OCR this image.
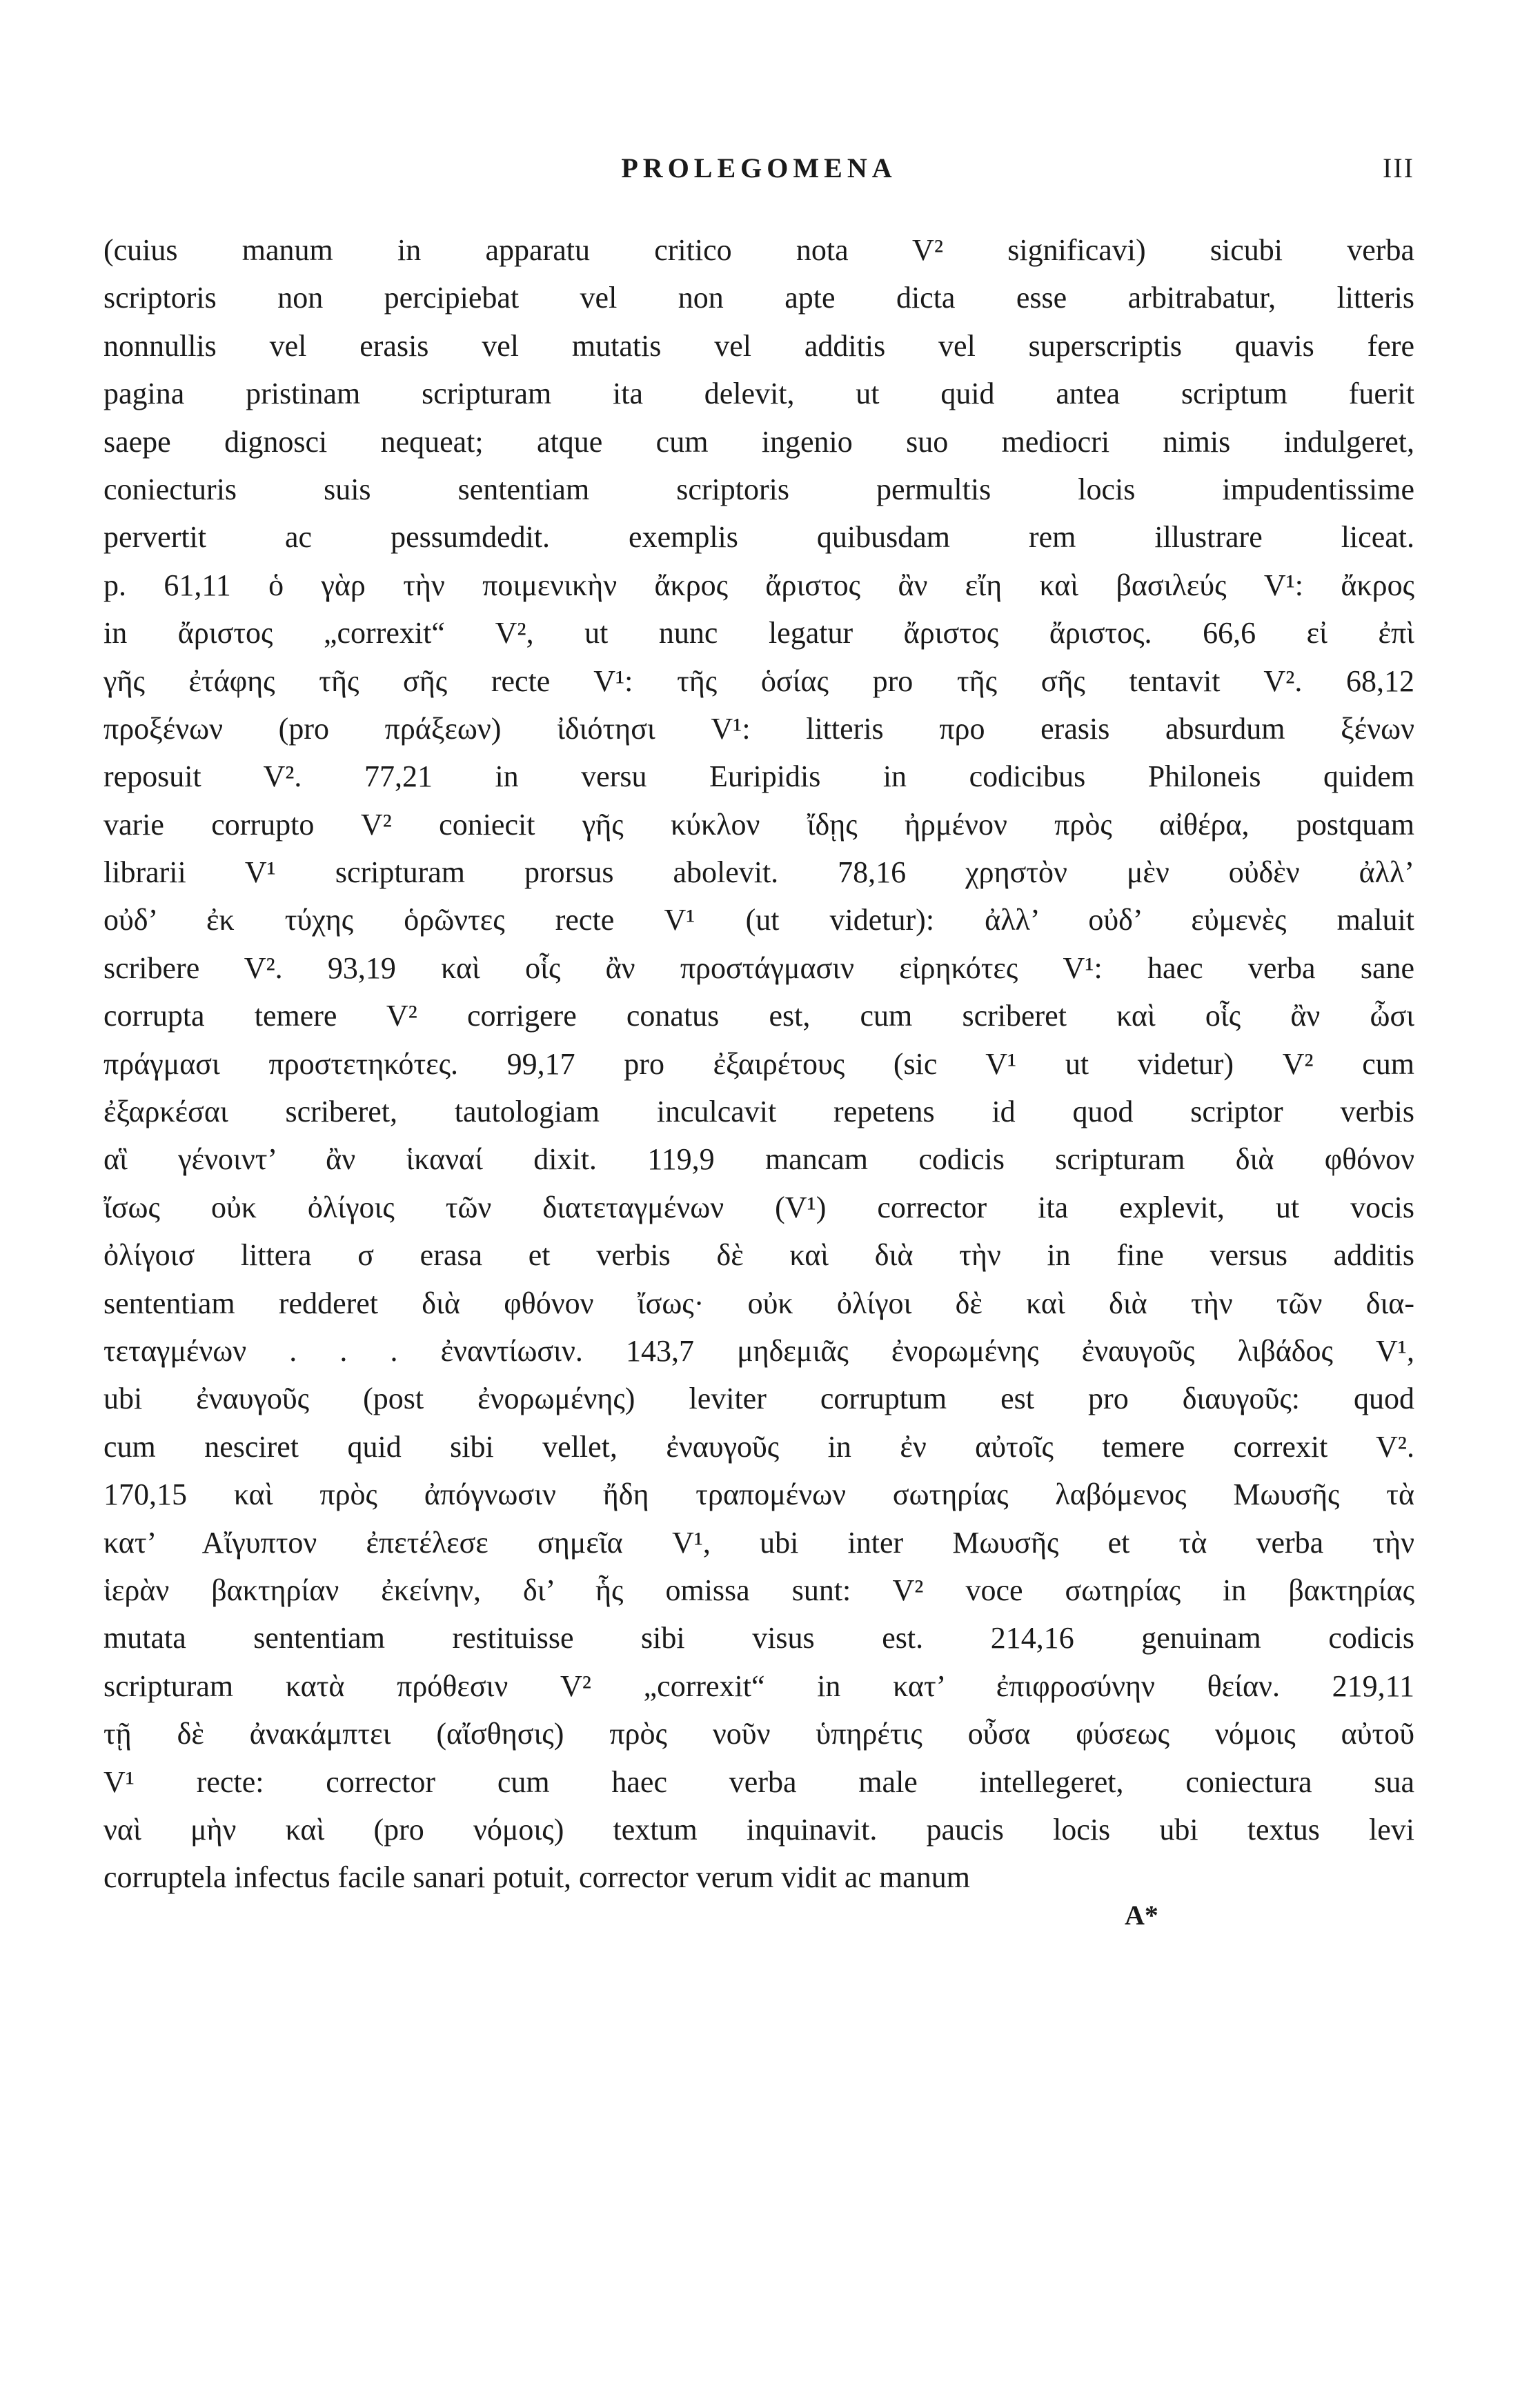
PROLEGOMENA	III
(cuius manum in apparatu critico nota V² significavi) sicubi verba
scriptoris non percipiebat vel non apte dicta esse arbitrabatur, litteris
nonnullis vel erasis vel mutatis vel additis vel superscriptis quavis fere
pagina pristinam scripturam ita delevit, ut quid antea scriptum fuerit
saepe dignosci nequeat; atque cum ingenio suo mediocri nimis indulgeret,
coniecturis suis sententiam scriptoris permultis locis impudentissime
pervertit ac pessumdedit. exemplis quibusdam rem illustrare liceat.
p. 61,11 ὁ γὰρ τὴν ποιμενικὴν ἄκρος ἄριστος ἂν εἴη καὶ βασιλεύς V¹: ἄκρος
in ἄριστος „correxit“ V², ut nunc legatur ἄριστος ἄριστος. 66,6 εἰ ἐπὶ
γῆς ἐτάφης τῆς σῆς recte V¹: τῆς ὁσίας pro τῆς σῆς tentavit V². 68,12
προξένων (pro πράξεων) ἰδιότησι V¹: litteris προ erasis absurdum ξένων
reposuit V². 77,21 in versu Euripidis in codicibus Philoneis quidem
varie corrupto V² coniecit γῆς κύκλον ἴδῃς ἠρμένον πρὸς αἰθέρα, postquam
librarii V¹ scripturam prorsus abolevit. 78,16 χρηστὸν μὲν οὐδὲν ἀλλ’
οὐδ’ ἐκ τύχης ὁρῶντες recte V¹ (ut videtur): ἀλλ’ οὐδ’ εὐμενὲς maluit
scribere V². 93,19 καὶ οἷς ἂν προστάγμασιν εἰρηκότες V¹: haec verba sane
corrupta temere V² corrigere conatus est, cum scriberet καὶ οἷς ἂν ὦσι
πράγμασι προστετηκότες. 99,17 pro ἐξαιρέτους (sic V¹ ut videtur) V² cum
ἐξαρκέσαι scriberet, tautologiam inculcavit repetens id quod scriptor verbis
αἳ γένοιντ’ ἂν ἱκαναί dixit. 119,9 mancam codicis scripturam διὰ φθόνον
ἴσως οὐκ ὀλίγοις τῶν διατεταγμένων (V¹) corrector ita explevit, ut vocis
ὀλίγοισ littera σ erasa et verbis δὲ καὶ διὰ τὴν in fine versus additis
sententiam redderet διὰ φθόνον ἴσως· οὐκ ὀλίγοι δὲ καὶ διὰ τὴν τῶν δια-
τεταγμένων . . . ἐναντίωσιν. 143,7 μηδεμιᾶς ἐνορωμένης ἐναυγοῦς λιβάδος V¹,
ubi ἐναυγοῦς (post ἐνορωμένης) leviter corruptum est pro διαυγοῦς: quod
cum nesciret quid sibi vellet, ἐναυγοῦς in ἐν αὐτοῖς temere correxit V².
170,15 καὶ πρὸς ἀπόγνωσιν ἤδη τραπομένων σωτηρίας λαβόμενος Μωυσῆς τὰ
κατ’ Αἴγυπτον ἐπετέλεσε σημεῖα V¹, ubi inter Μωυσῆς et τὰ verba τὴν
ἱερὰν βακτηρίαν ἐκείνην, δι’ ἧς omissa sunt: V² voce σωτηρίας in βακτηρίας
mutata sententiam restituisse sibi visus est. 214,16 genuinam codicis
scripturam κατὰ πρόθεσιν V² „correxit“ in κατ’ ἐπιφροσύνην θείαν. 219,11
τῇ δὲ ἀνακάμπτει (αἴσθησις) πρὸς νοῦν ὑπηρέτις οὖσα φύσεως νόμοις αὐτοῦ
V¹ recte: corrector cum haec verba male intellegeret, coniectura sua
ναὶ μὴν καὶ (pro νόμοις) textum inquinavit. paucis locis ubi textus levi
corruptela infectus facile sanari potuit, corrector verum vidit ac manum
A*
